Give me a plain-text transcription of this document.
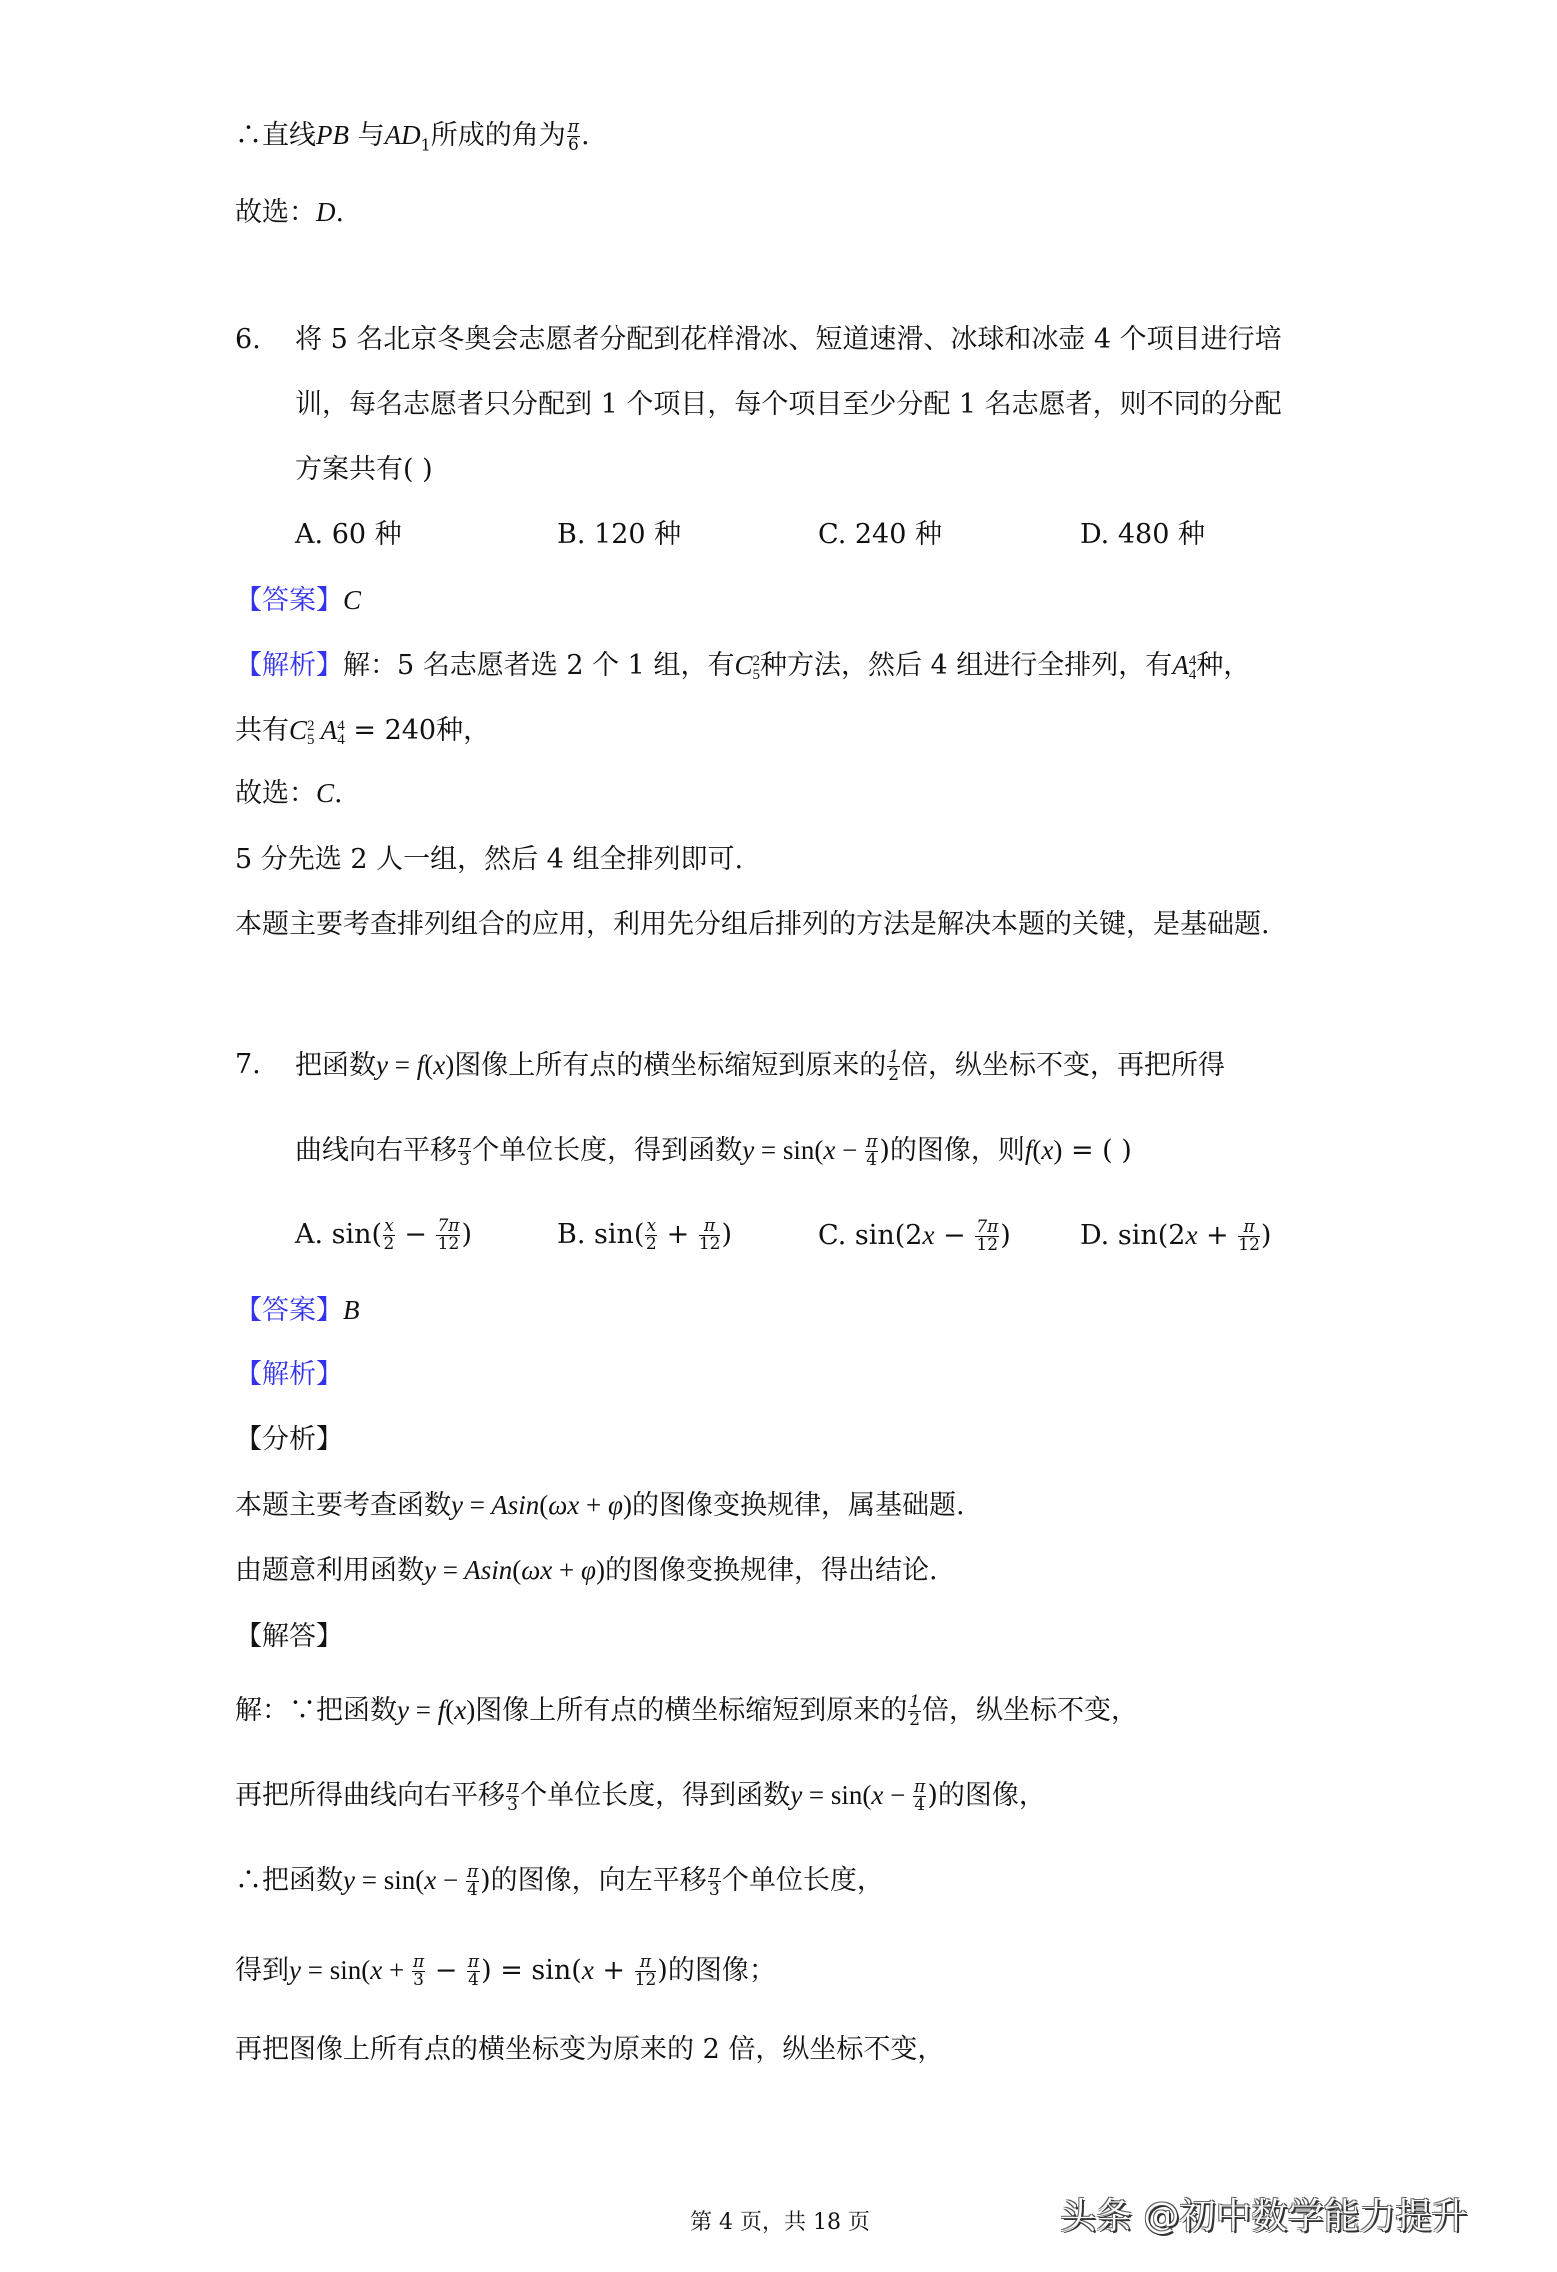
∴直线PB 与$AD_1$所成的角为 $\frac{\pi}{6}$ .
故选：D.
6. 将 5 名北京冬奥会志愿者分配到花样滑冰、短道速滑、冰球和冰壶 4 个项目进行培
训，每名志愿者只分配到 1 个项目，每个项目至少分配 1 名志愿者，则不同的分配
方案共有( )
A. 60 种	B. 120 种	C. 240 种	D. 480 种
【答案】C
【解析】解：5 名志愿者选 2 个 1 组，有C 2
5 种方法，然后 4 组进行全排列，有A 4
4 种，
共有C 2
5 A 4
4 = 240种，
故选：C.
5 分先选 2 人一组，然后 4 组全排列即可.
本题主要考查排列组合的应用，利用先分组后排列的方法是解决本题的关键，是基础题.
7. 把函数y = f(x)图像上所有点的横坐标缩短到原来的 $\frac{1}{2}$ 倍，纵坐标不变，再把所得
曲线向右平移 $\frac{\pi}{3}$ 个单位长度，得到函数$y = \sin(x - \frac{\pi}{4}$ )的图像，则f(x) = ( )
A. $\sin( \frac{x}{2} - \frac{7\pi}{12}$ )	B. $\sin( \frac{x}{2} + \frac{\pi}{12}$ )	C. $\sin(2x - \frac{7\pi}{12}$ )	D. $\sin(2x + \frac{\pi}{12}$ )
【答案】B
【解析】
【分析】
本题主要考查函数y = Asin(ωx + φ)的图像变换规律，属基础题.
由题意利用函数y = Asin(ωx + φ)的图像变换规律，得出结论.
【解答】
解：∵把函数y = f(x)图像上所有点的横坐标缩短到原来的 $\frac{1}{2}$ 倍，纵坐标不变，
再把所得曲线向右平移 $\frac{\pi}{3}$ 个单位长度，得到函数$y = \sin(x - \frac{\pi}{4}$ )的图像，
∴把函数$y = \sin(x - \frac{\pi}{4}$ )的图像，向左平移 $\frac{\pi}{3}$ 个单位长度，
得到$y = \sin(x + \frac{\pi}{3} - \frac{\pi}{4}$ ) = $\sin(x + \frac{\pi}{12}$ )的图像；
再把图像上所有点的横坐标变为原来的 2 倍，纵坐标不变，
第 4 页，共 18 页	头条 @初中数学能力提升
